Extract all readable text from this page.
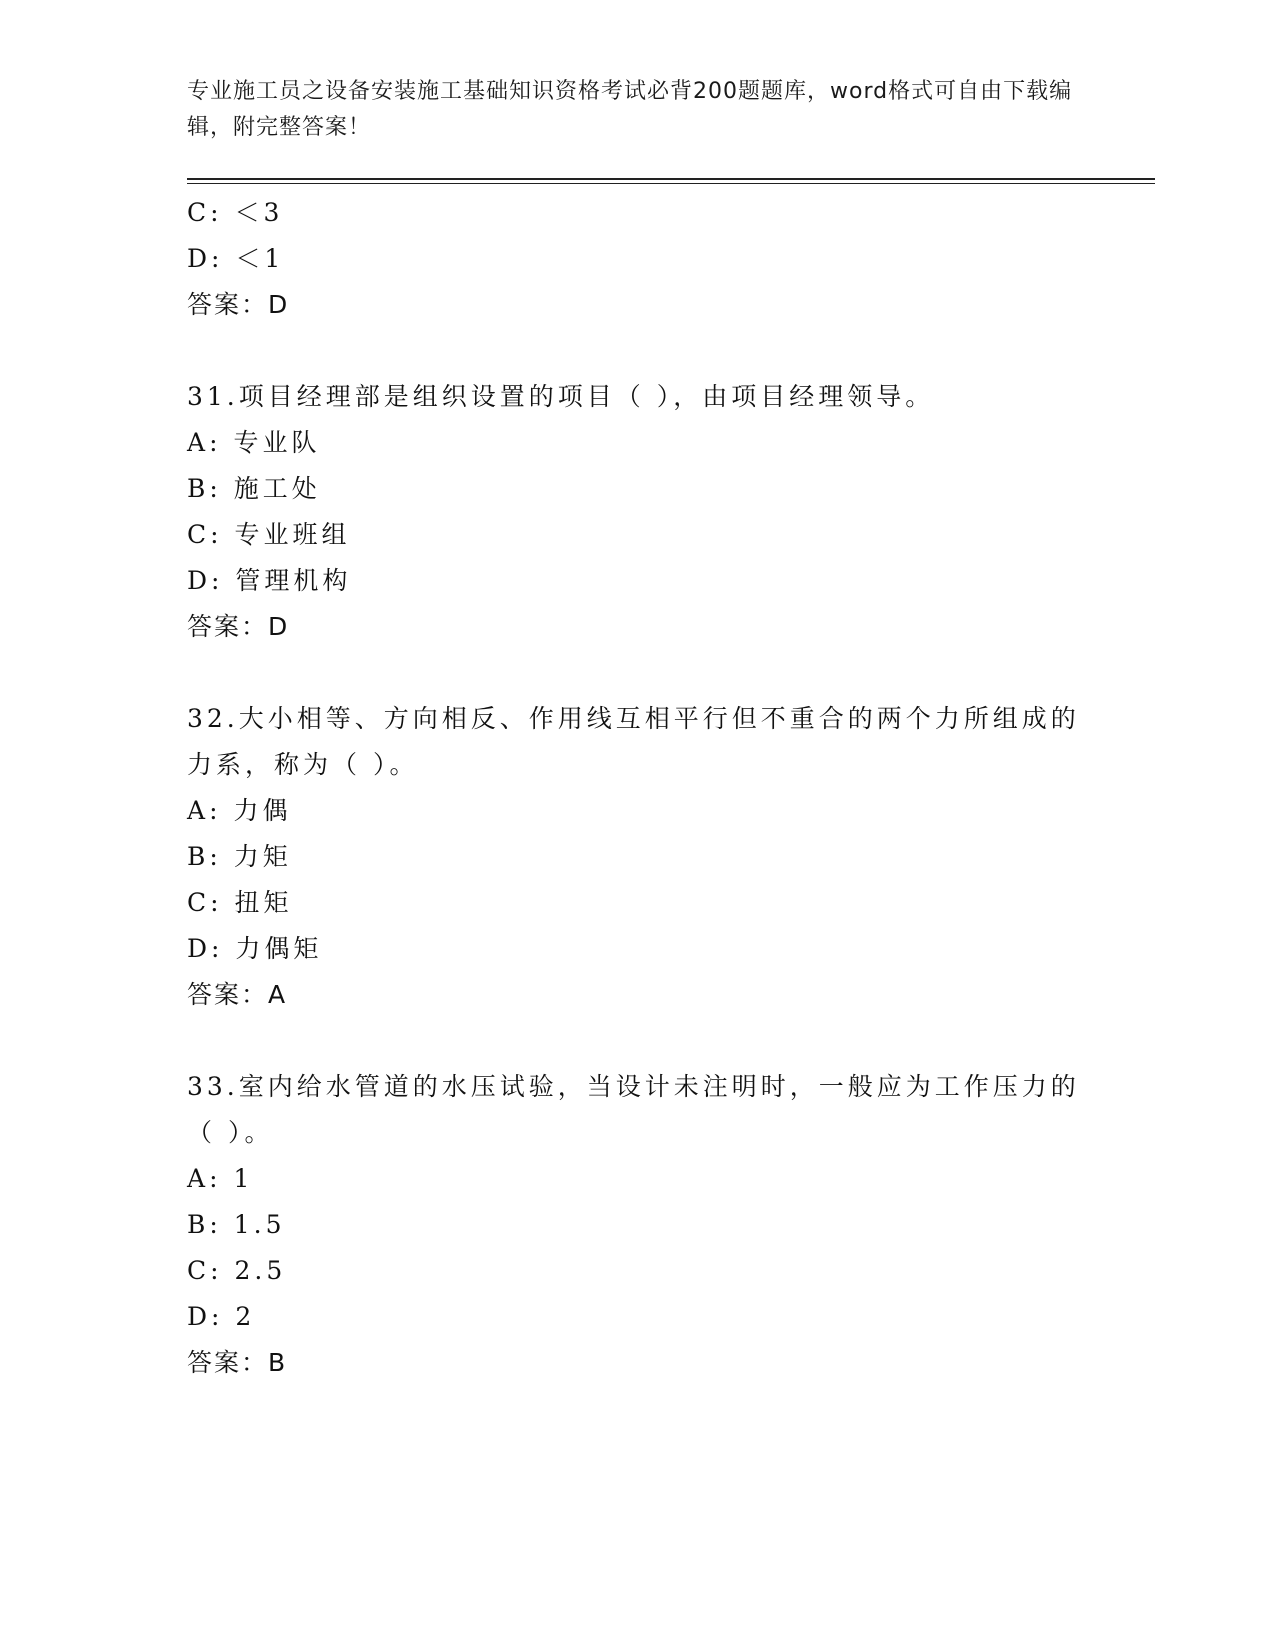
专业施工员之设备安装施工基础知识资格考试必背200题题库，word格式可自由下载编辑，附完整答案！
C: ＜3
D: ＜1
答案：D
31.项目经理部是组织设置的项目（ ），由项目经理领导。
A: 专业队
B: 施工处
C: 专业班组
D: 管理机构
答案：D
32.大小相等、方向相反、作用线互相平行但不重合的两个力所组成的力系，称为（ ）。
A: 力偶
B: 力矩
C: 扭矩
D: 力偶矩
答案：A
33.室内给水管道的水压试验，当设计未注明时，一般应为工作压力的（ ）。
A: 1
B: 1.5
C: 2.5
D: 2
答案：B
